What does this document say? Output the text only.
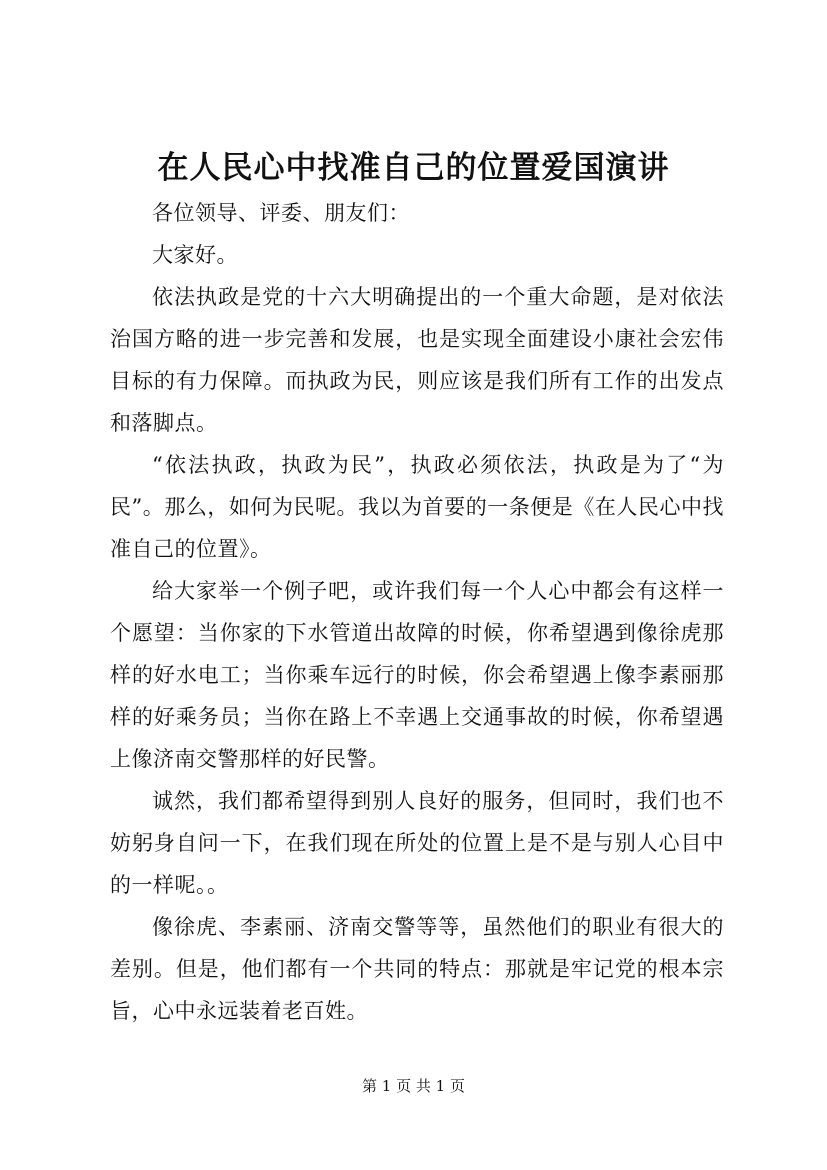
在人民心中找准自己的位置爱国演讲

各位领导、评委、朋友们：

大家好。

依法执政是党的十六大明确提出的一个重大命题，是对依法治国方略的进一步完善和发展，也是实现全面建设小康社会宏伟目标的有力保障。而执政为民，则应该是我们所有工作的出发点和落脚点。

“依法执政，执政为民”，执政必须依法，执政是为了“为民”。那么，如何为民呢。我以为首要的一条便是《在人民心中找准自己的位置》。

给大家举一个例子吧，或许我们每一个人心中都会有这样一个愿望：当你家的下水管道出故障的时候，你希望遇到像徐虎那样的好水电工；当你乘车远行的时候，你会希望遇上像李素丽那样的好乘务员；当你在路上不幸遇上交通事故的时候，你希望遇上像济南交警那样的好民警。

诚然，我们都希望得到别人良好的服务，但同时，我们也不妨躬身自问一下，在我们现在所处的位置上是不是与别人心目中的一样呢。。

像徐虎、李素丽、济南交警等等，虽然他们的职业有很大的差别。但是，他们都有一个共同的特点：那就是牢记党的根本宗旨，心中永远装着老百姓。

第 1 页 共 1 页
